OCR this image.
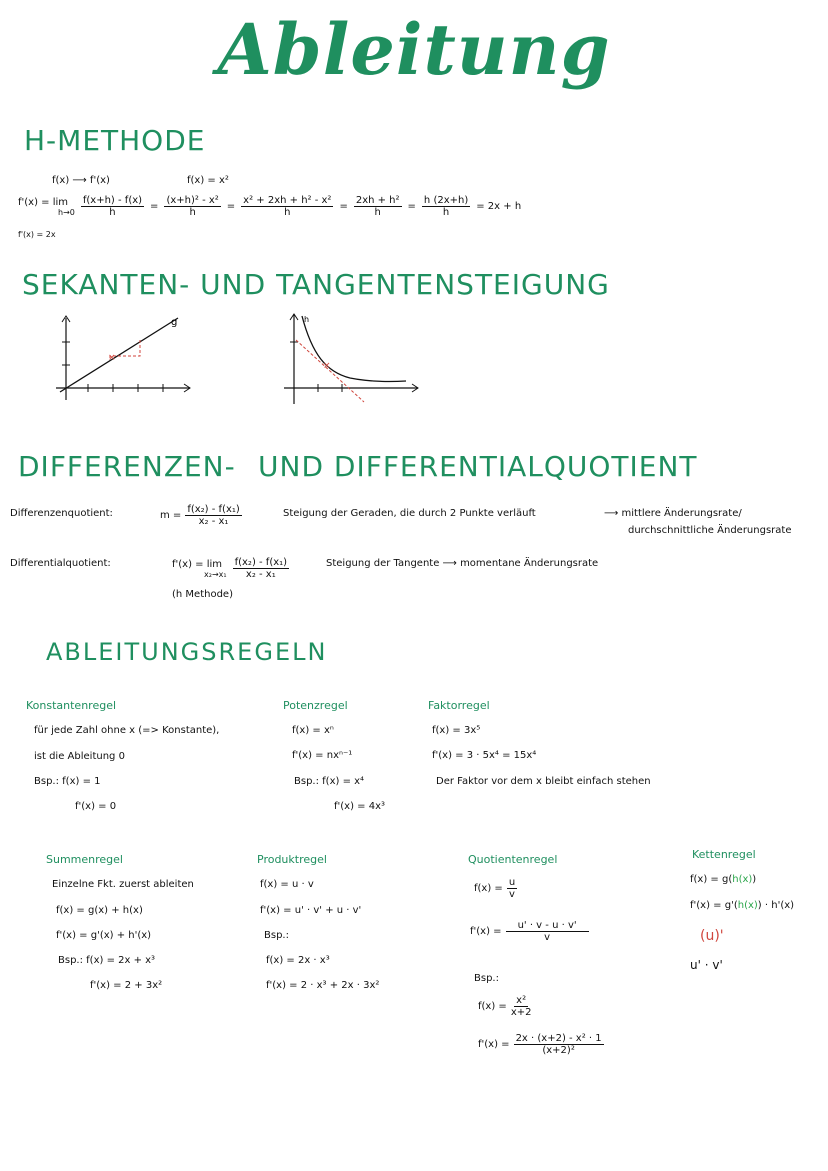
Ableitung
H-METHODE
f(x) ⟶ f'(x)	f(x) = x²
f'(x) = lim
$h\to 0 \frac{f(x+h) - f(x)}{h} = \frac{\text{(x+h)² - x²}}{h} = \frac{\text{x² + 2xh + h² - x²}}{h} = \frac{\text{2xh + h²}}{h} = \frac{h (2x+h)}{h} = 2x + h$
f'(x) = 2x
SEKANTEN- UND TANGENTENSTEIGUNG
×
g
×
h
DIFFERENZEN- UND DIFFERENTIALQUOTIENT
Differenzenquotient:	$m = \frac{\text{f(x₂) - f(x₁)}}{\text{x₂ - x₁}}$	Steigung der Geraden, die durch 2 Punkte verläuft	⟶ mittlere Änderungsrate/
durchschnittliche Änderungsrate
Differentialquotient:	f'(x) = lim
$x_2\to x_1 \frac{\text{f(x₂) - f(x₁)}}{\text{x₂ - x₁}}$	Steigung der Tangente ⟶ momentane Änderungsrate
(h Methode)
ABLEITUNGSREGELN
Konstantenregel
für jede Zahl ohne x (=> Konstante),
ist die Ableitung 0
Bsp.: f(x) = 1
f'(x) = 0
Potenzregel
f(x) = xⁿ
f'(x) = nxⁿ⁻¹
Bsp.: f(x) = x⁴
f'(x) = 4x³
Faktorregel
f(x) = 3x⁵
f'(x) = 3 · 5x⁴ = 15x⁴
Der Faktor vor dem x bleibt einfach stehen
Summenregel
Einzelne Fkt. zuerst ableiten
f(x) = g(x) + h(x)
f'(x) = g'(x) + h'(x)
Bsp.: f(x) = 2x + x³
f'(x) = 2 + 3x²
Produktregel
f(x) = u · v
f'(x) = u' · v' + u · v'
Bsp.:
f(x) = 2x · x³
f'(x) = 2 · x³ + 2x · 3x²
Quotientenregel
$f(x) = \frac{u}{v}$
$f'(x) = \frac{u' \cdot v - u \cdot v'}{v}$
Bsp.:
$f(x) = \frac{\text{x²}}{x+2}$
$f'(x) = \frac{\text{2x · (x+2) - x² · 1}}{\text{(x+2)²}}$
Kettenregel
f(x) = g(h(x))
f'(x) = g'(h(x)) · h'(x)
(u)'
u' · v'
